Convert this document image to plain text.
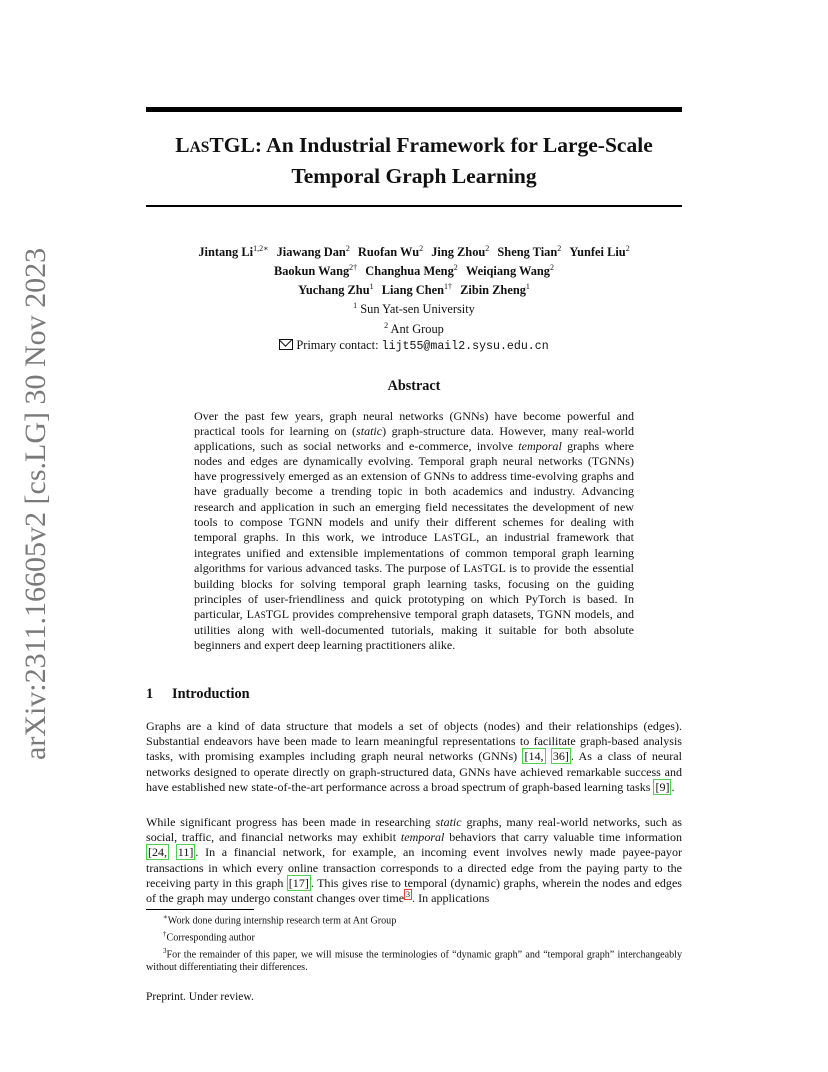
arXiv:2311.16605v2 [cs.LG] 30 Nov 2023
LASTGL: An Industrial Framework for Large-Scale
Temporal Graph Learning
Jintang $Li^{1,2∗}$ Jiawang Dan$^2$ Ruofan Wu$^2$ Jing Zhou$^2$ Sheng Tian$^2$ Yunfei Liu$^2$
Baokun Wang$^{2\dagger}$ Changhua Meng$^2$ Weiqiang Wang$^2$
Yuchang Zhu$^1$ Liang Chen$^{1\dagger}$ Zibin Zheng$^1$
$^1$ Sun Yat-sen University
$^2$ Ant Group
Primary contact: lijt55@mail2.sysu.edu.cn
Abstract
Over the past few years, graph neural networks (GNNs) have become powerful and practical tools for learning on (static) graph-structure data. However, many real-world applications, such as social networks and e-commerce, involve temporal graphs where nodes and edges are dynamically evolving. Temporal graph neural networks (TGNNs) have progressively emerged as an extension of GNNs to address time-evolving graphs and have gradually become a trending topic in both academics and industry. Advancing research and application in such an emerging field necessitates the development of new tools to compose TGNN models and unify their different schemes for dealing with temporal graphs. In this work, we introduce LASTGL, an industrial framework that integrates unified and extensible implementations of common temporal graph learning algorithms for various advanced tasks. The purpose of LASTGL is to provide the essential building blocks for solving temporal graph learning tasks, focusing on the guiding principles of user-friendliness and quick prototyping on which PyTorch is based. In particular, LASTGL provides comprehensive temporal graph datasets, TGNN models, and utilities along with well-documented tutorials, making it suitable for both absolute beginners and expert deep learning practitioners alike.
1 Introduction
Graphs are a kind of data structure that models a set of objects (nodes) and their relationships (edges). Substantial endeavors have been made to learn meaningful representations to facilitate graph-based analysis tasks, with promising examples including graph neural networks (GNNs) [14, 36] . As a class of neural networks designed to operate directly on graph-structured data, GNNs have achieved remarkable success and have established new state-of-the-art performance across a broad spectrum of graph-based learning tasks [9] .
While significant progress has been made in researching static graphs, many real-world networks, such as social, traffic, and financial networks may exhibit temporal behaviors that carry valuable time information [24, 11] . In a financial network, for example, an incoming event involves newly made payee-payor transactions in which every online transaction corresponds to a directed edge from the paying party to the receiving party in this graph [17] . This gives rise to temporal (dynamic) graphs, wherein the nodes and edges of the graph may undergo constant changes over time $^3$ . In applications
∗Work done during internship research term at Ant Group
†Corresponding author
$^3$For the remainder of this paper, we will misuse the terminologies of “dynamic graph” and “temporal graph” interchangeably without differentiating their differences.
Preprint. Under review.
